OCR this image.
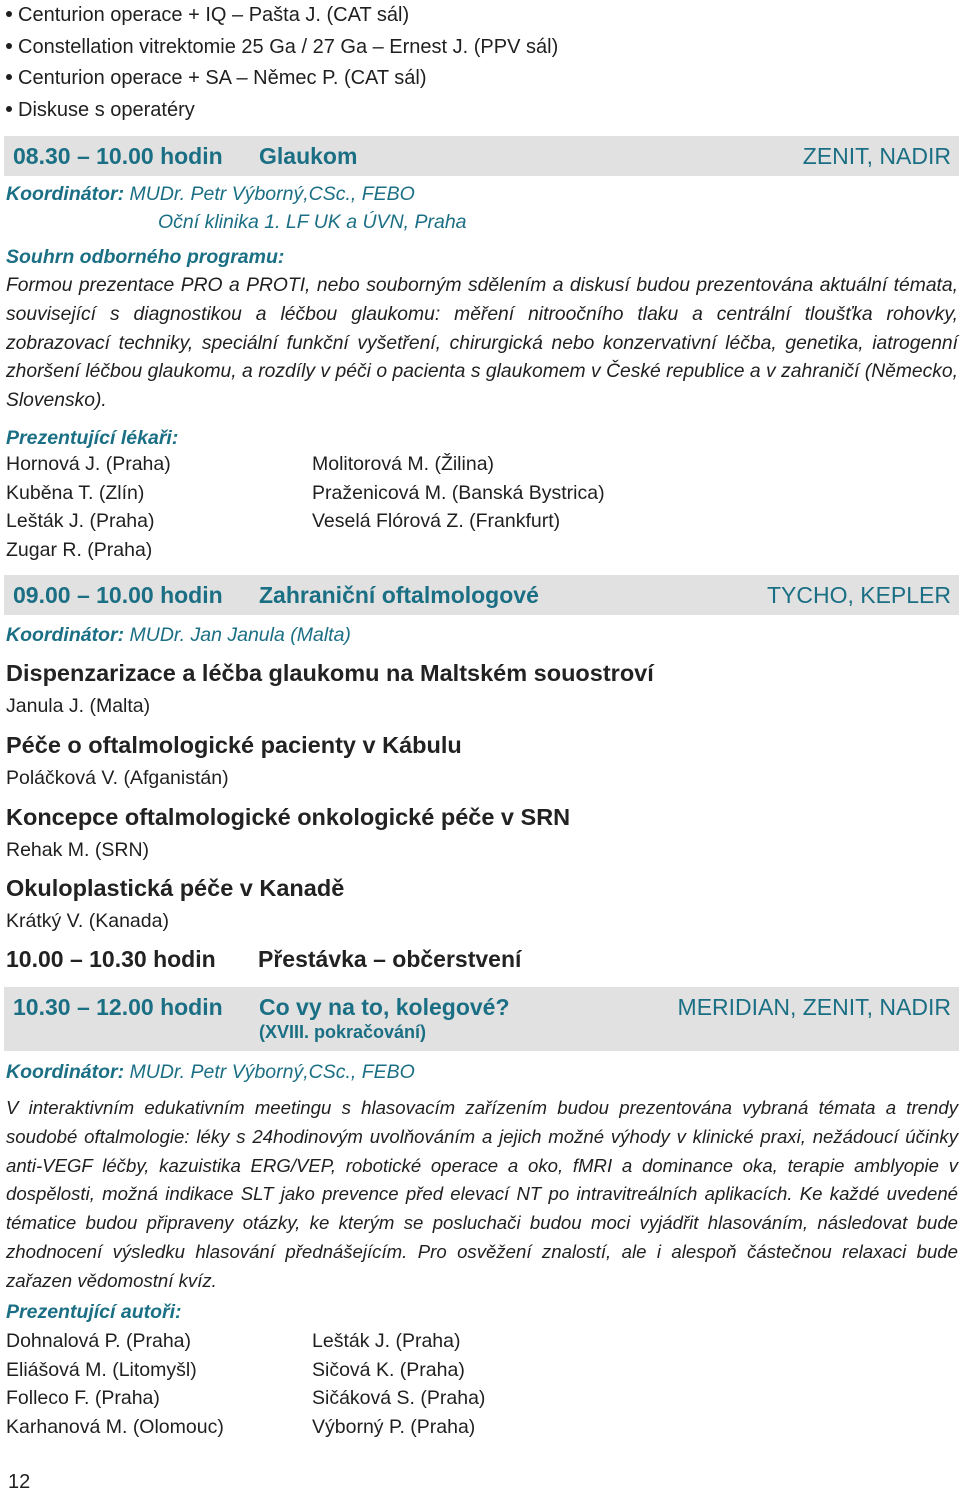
Centurion operace + IQ – Pašta J. (CAT sál)
Constellation vitrektomie 25 Ga / 27 Ga – Ernest J. (PPV sál)
Centurion operace + SA – Němec P. (CAT sál)
Diskuse s operatéry
08.30 – 10.00 hodin Glaukom	ZENIT, NADIR
Koordinátor: MUDr. Petr Výborný,CSc., FEBO
Oční klinika 1. LF UK a ÚVN, Praha
Souhrn odborného programu:
Formou prezentace PRO a PROTI, nebo souborným sdělením a diskusí budou prezentována aktuální témata, související s diagnostikou a léčbou glaukomu: měření nitroočního tlaku a centrální tloušťka rohovky, zobrazovací techniky, speciální funkční vyšetření, chirurgická nebo konzervativní léčba, genetika, iatrogenní zhoršení léčbou glaukomu, a rozdíly v péči o pacienta s glaukomem v České republice a v zahraničí (Německo, Slovensko).
Prezentující lékaři:
Hornová J. (Praha)
Kuběna T. (Zlín)
Lešták J. (Praha)
Zugar R. (Praha)
Molitorová M. (Žilina)
Praženicová M. (Banská Bystrica)
Veselá Flórová Z. (Frankfurt)
09.00 – 10.00 hodin Zahraniční oftalmologové	TYCHO, KEPLER
Koordinátor: MUDr. Jan Janula (Malta)
Dispenzarizace a léčba glaukomu na Maltském souostroví
Janula J. (Malta)
Péče o oftalmologické pacienty v Kábulu
Poláčková V. (Afganistán)
Koncepce oftalmologické onkologické péče v SRN
Rehak M. (SRN)
Okuloplastická péče v Kanadě
Krátký V. (Kanada)
10.00 – 10.30 hodin Přestávka – občerstvení
10.30 – 12.00 hodin Co vy na to, kolegové?
(XVIII. pokračování)
MERIDIAN, ZENIT, NADIR
Koordinátor: MUDr. Petr Výborný,CSc., FEBO
V interaktivním edukativním meetingu s hlasovacím zařízením budou prezentována vybraná témata a trendy soudobé oftalmologie: léky s 24hodinovým uvolňováním a jejich možné výhody v klinické praxi, nežádoucí účinky anti-VEGF léčby, kazuistika ERG/VEP, robotické operace a oko, fMRI a dominance oka, terapie amblyopie v dospělosti, možná indikace SLT jako prevence před elevací NT po intravitreálních aplikacích. Ke každé uvedené tématice budou připraveny otázky, ke kterým se posluchači budou moci vyjádřit hlasováním, následovat bude zhodnocení výsledku hlasování přednášejícím. Pro osvěžení znalostí, ale i alespoň částečnou relaxaci bude zařazen vědomostní kvíz.
Prezentující autoři:
Dohnalová P. (Praha)
Eliášová M. (Litomyšl)
Folleco F. (Praha)
Karhanová M. (Olomouc)
Lešták J. (Praha)
Sičová K. (Praha)
Sičáková S. (Praha)
Výborný P. (Praha)
12
